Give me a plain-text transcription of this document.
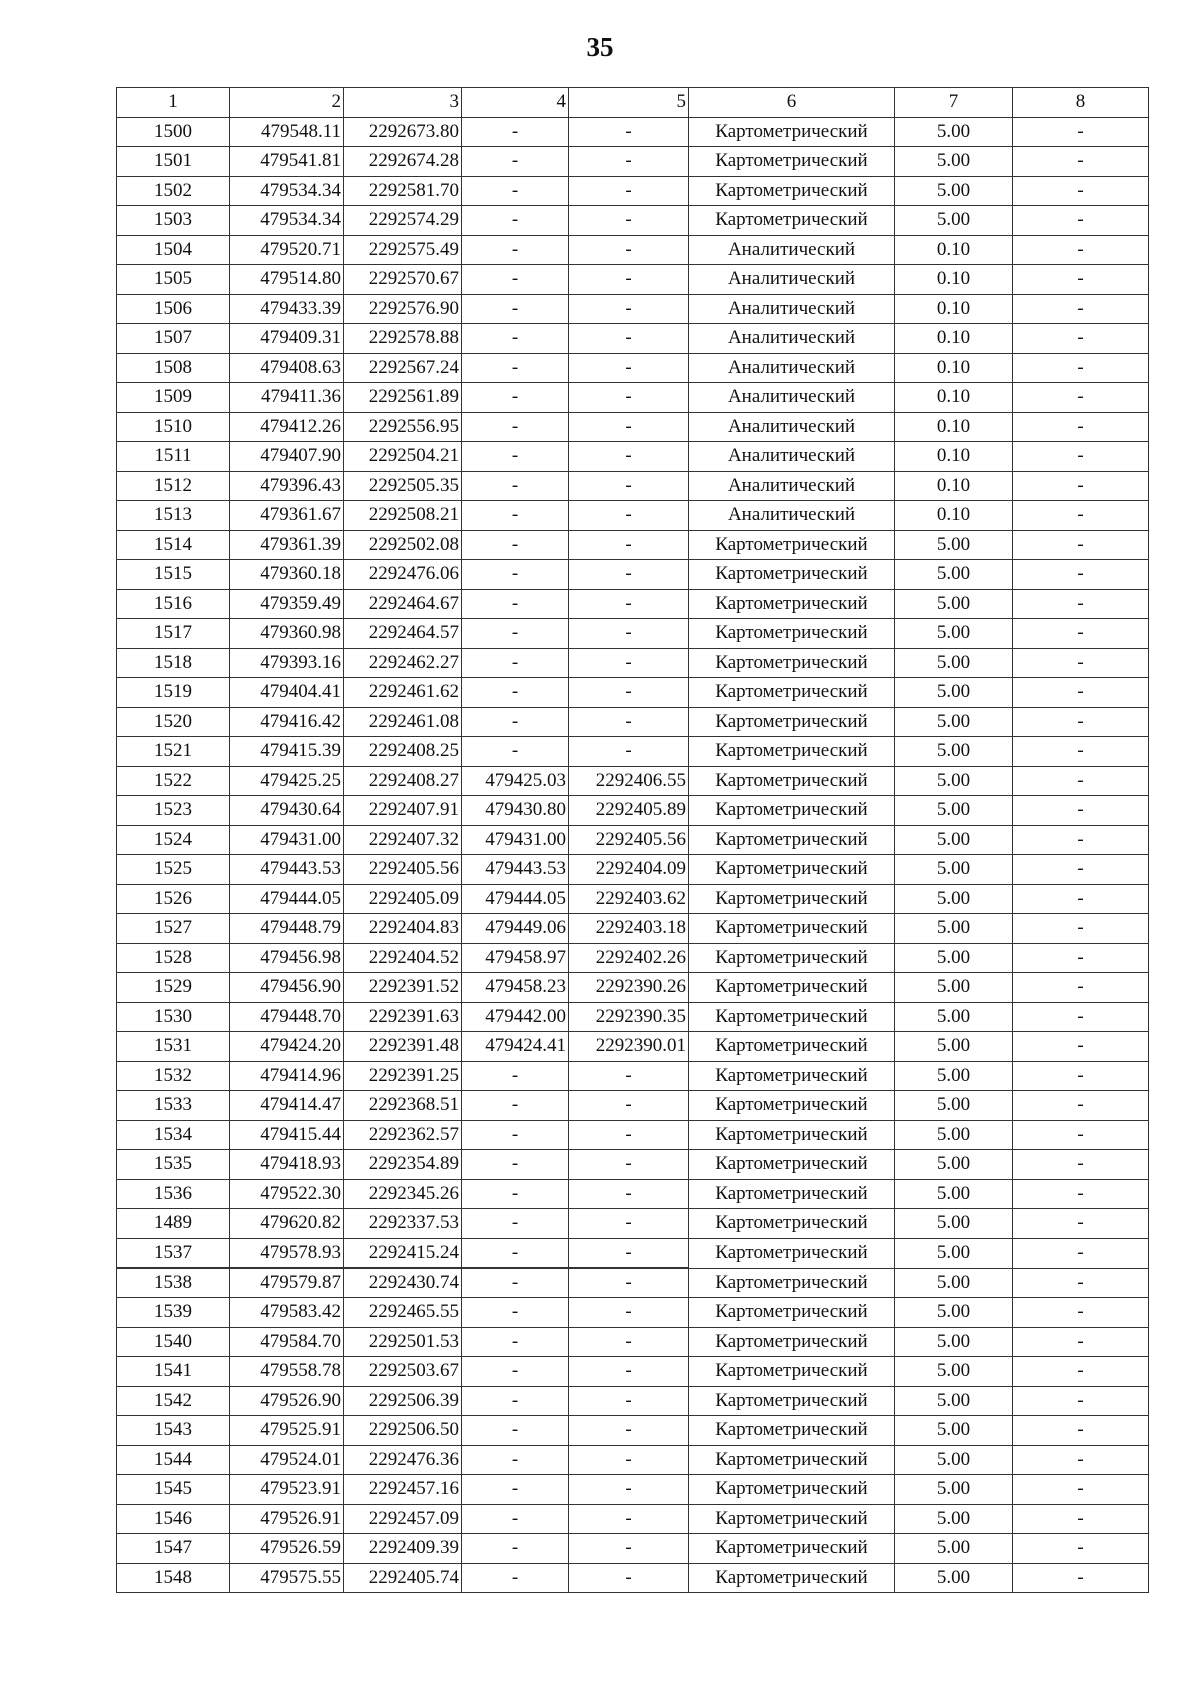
35
1	2	3	4	5	6	7	8
1500	479548.11	2292673.80	-	-	Картометрический	5.00	-
1501	479541.81	2292674.28	-	-	Картометрический	5.00	-
1502	479534.34	2292581.70	-	-	Картометрический	5.00	-
1503	479534.34	2292574.29	-	-	Картометрический	5.00	-
1504	479520.71	2292575.49	-	-	Аналитический	0.10	-
1505	479514.80	2292570.67	-	-	Аналитический	0.10	-
1506	479433.39	2292576.90	-	-	Аналитический	0.10	-
1507	479409.31	2292578.88	-	-	Аналитический	0.10	-
1508	479408.63	2292567.24	-	-	Аналитический	0.10	-
1509	479411.36	2292561.89	-	-	Аналитический	0.10	-
1510	479412.26	2292556.95	-	-	Аналитический	0.10	-
1511	479407.90	2292504.21	-	-	Аналитический	0.10	-
1512	479396.43	2292505.35	-	-	Аналитический	0.10	-
1513	479361.67	2292508.21	-	-	Аналитический	0.10	-
1514	479361.39	2292502.08	-	-	Картометрический	5.00	-
1515	479360.18	2292476.06	-	-	Картометрический	5.00	-
1516	479359.49	2292464.67	-	-	Картометрический	5.00	-
1517	479360.98	2292464.57	-	-	Картометрический	5.00	-
1518	479393.16	2292462.27	-	-	Картометрический	5.00	-
1519	479404.41	2292461.62	-	-	Картометрический	5.00	-
1520	479416.42	2292461.08	-	-	Картометрический	5.00	-
1521	479415.39	2292408.25	-	-	Картометрический	5.00	-
1522	479425.25	2292408.27	479425.03	2292406.55	Картометрический	5.00	-
1523	479430.64	2292407.91	479430.80	2292405.89	Картометрический	5.00	-
1524	479431.00	2292407.32	479431.00	2292405.56	Картометрический	5.00	-
1525	479443.53	2292405.56	479443.53	2292404.09	Картометрический	5.00	-
1526	479444.05	2292405.09	479444.05	2292403.62	Картометрический	5.00	-
1527	479448.79	2292404.83	479449.06	2292403.18	Картометрический	5.00	-
1528	479456.98	2292404.52	479458.97	2292402.26	Картометрический	5.00	-
1529	479456.90	2292391.52	479458.23	2292390.26	Картометрический	5.00	-
1530	479448.70	2292391.63	479442.00	2292390.35	Картометрический	5.00	-
1531	479424.20	2292391.48	479424.41	2292390.01	Картометрический	5.00	-
1532	479414.96	2292391.25	-	-	Картометрический	5.00	-
1533	479414.47	2292368.51	-	-	Картометрический	5.00	-
1534	479415.44	2292362.57	-	-	Картометрический	5.00	-
1535	479418.93	2292354.89	-	-	Картометрический	5.00	-
1536	479522.30	2292345.26	-	-	Картометрический	5.00	-
1489	479620.82	2292337.53	-	-	Картометрический	5.00	-

1537	479578.93	2292415.24	-	-	Картометрический	5.00	-
1538	479579.87	2292430.74	-	-	Картометрический	5.00	-
1539	479583.42	2292465.55	-	-	Картометрический	5.00	-
1540	479584.70	2292501.53	-	-	Картометрический	5.00	-
1541	479558.78	2292503.67	-	-	Картометрический	5.00	-
1542	479526.90	2292506.39	-	-	Картометрический	5.00	-
1543	479525.91	2292506.50	-	-	Картометрический	5.00	-
1544	479524.01	2292476.36	-	-	Картометрический	5.00	-
1545	479523.91	2292457.16	-	-	Картометрический	5.00	-
1546	479526.91	2292457.09	-	-	Картометрический	5.00	-
1547	479526.59	2292409.39	-	-	Картометрический	5.00	-
1548	479575.55	2292405.74	-	-	Картометрический	5.00	-
